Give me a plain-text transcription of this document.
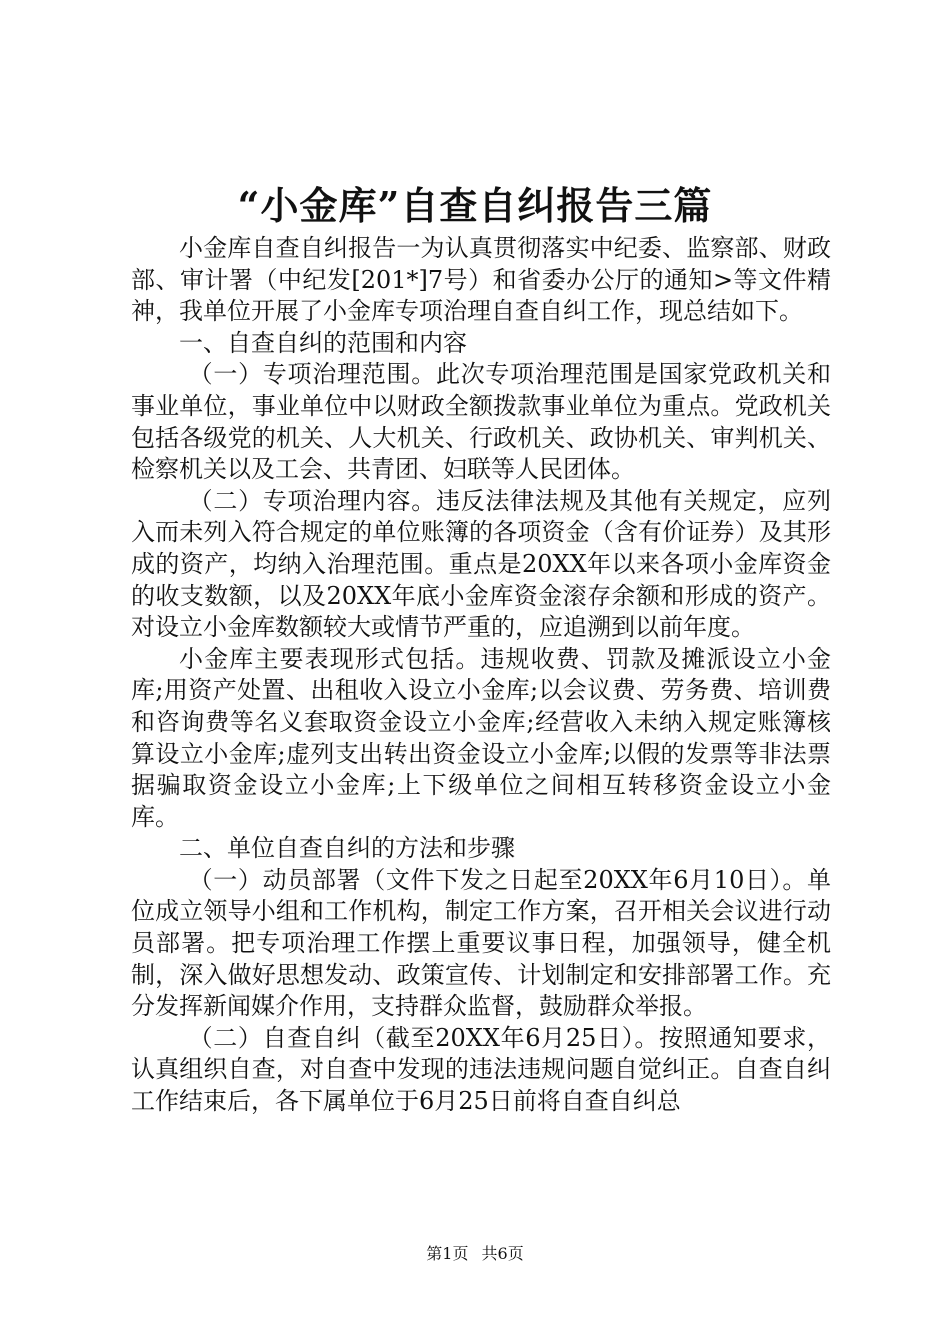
“小金库”自查自纠报告三篇

小金库自查自纠报告一为认真贯彻落实中纪委、监察部、财政部、审计署（中纪发[201*]7号）和省委办公厅的通知>等文件精神，我单位开展了小金库专项治理自查自纠工作，现总结如下。

一、自查自纠的范围和内容

（一）专项治理范围。此次专项治理范围是国家党政机关和事业单位，事业单位中以财政全额拨款事业单位为重点。党政机关包括各级党的机关、人大机关、行政机关、政协机关、审判机关、检察机关以及工会、共青团、妇联等人民团体。

（二）专项治理内容。违反法律法规及其他有关规定，应列入而未列入符合规定的单位账簿的各项资金（含有价证券）及其形成的资产，均纳入治理范围。重点是20XX年以来各项小金库资金的收支数额，以及20XX年底小金库资金滚存余额和形成的资产。对设立小金库数额较大或情节严重的，应追溯到以前年度。

小金库主要表现形式包括。违规收费、罚款及摊派设立小金库;用资产处置、出租收入设立小金库;以会议费、劳务费、培训费和咨询费等名义套取资金设立小金库;经营收入未纳入规定账簿核算设立小金库;虚列支出转出资金设立小金库;以假的发票等非法票据骗取资金设立小金库;上下级单位之间相互转移资金设立小金库。

二、单位自查自纠的方法和步骤

（一）动员部署（文件下发之日起至20XX年6月10日）。单位成立领导小组和工作机构，制定工作方案，召开相关会议进行动员部署。把专项治理工作摆上重要议事日程，加强领导，健全机制，深入做好思想发动、政策宣传、计划制定和安排部署工作。充分发挥新闻媒介作用，支持群众监督，鼓励群众举报。

（二）自查自纠（截至20XX年6月25日）。按照通知要求，认真组织自查，对自查中发现的违法违规问题自觉纠正。自查自纠工作结束后，各下属单位于6月25日前将自查自纠总

第1页 共6页
